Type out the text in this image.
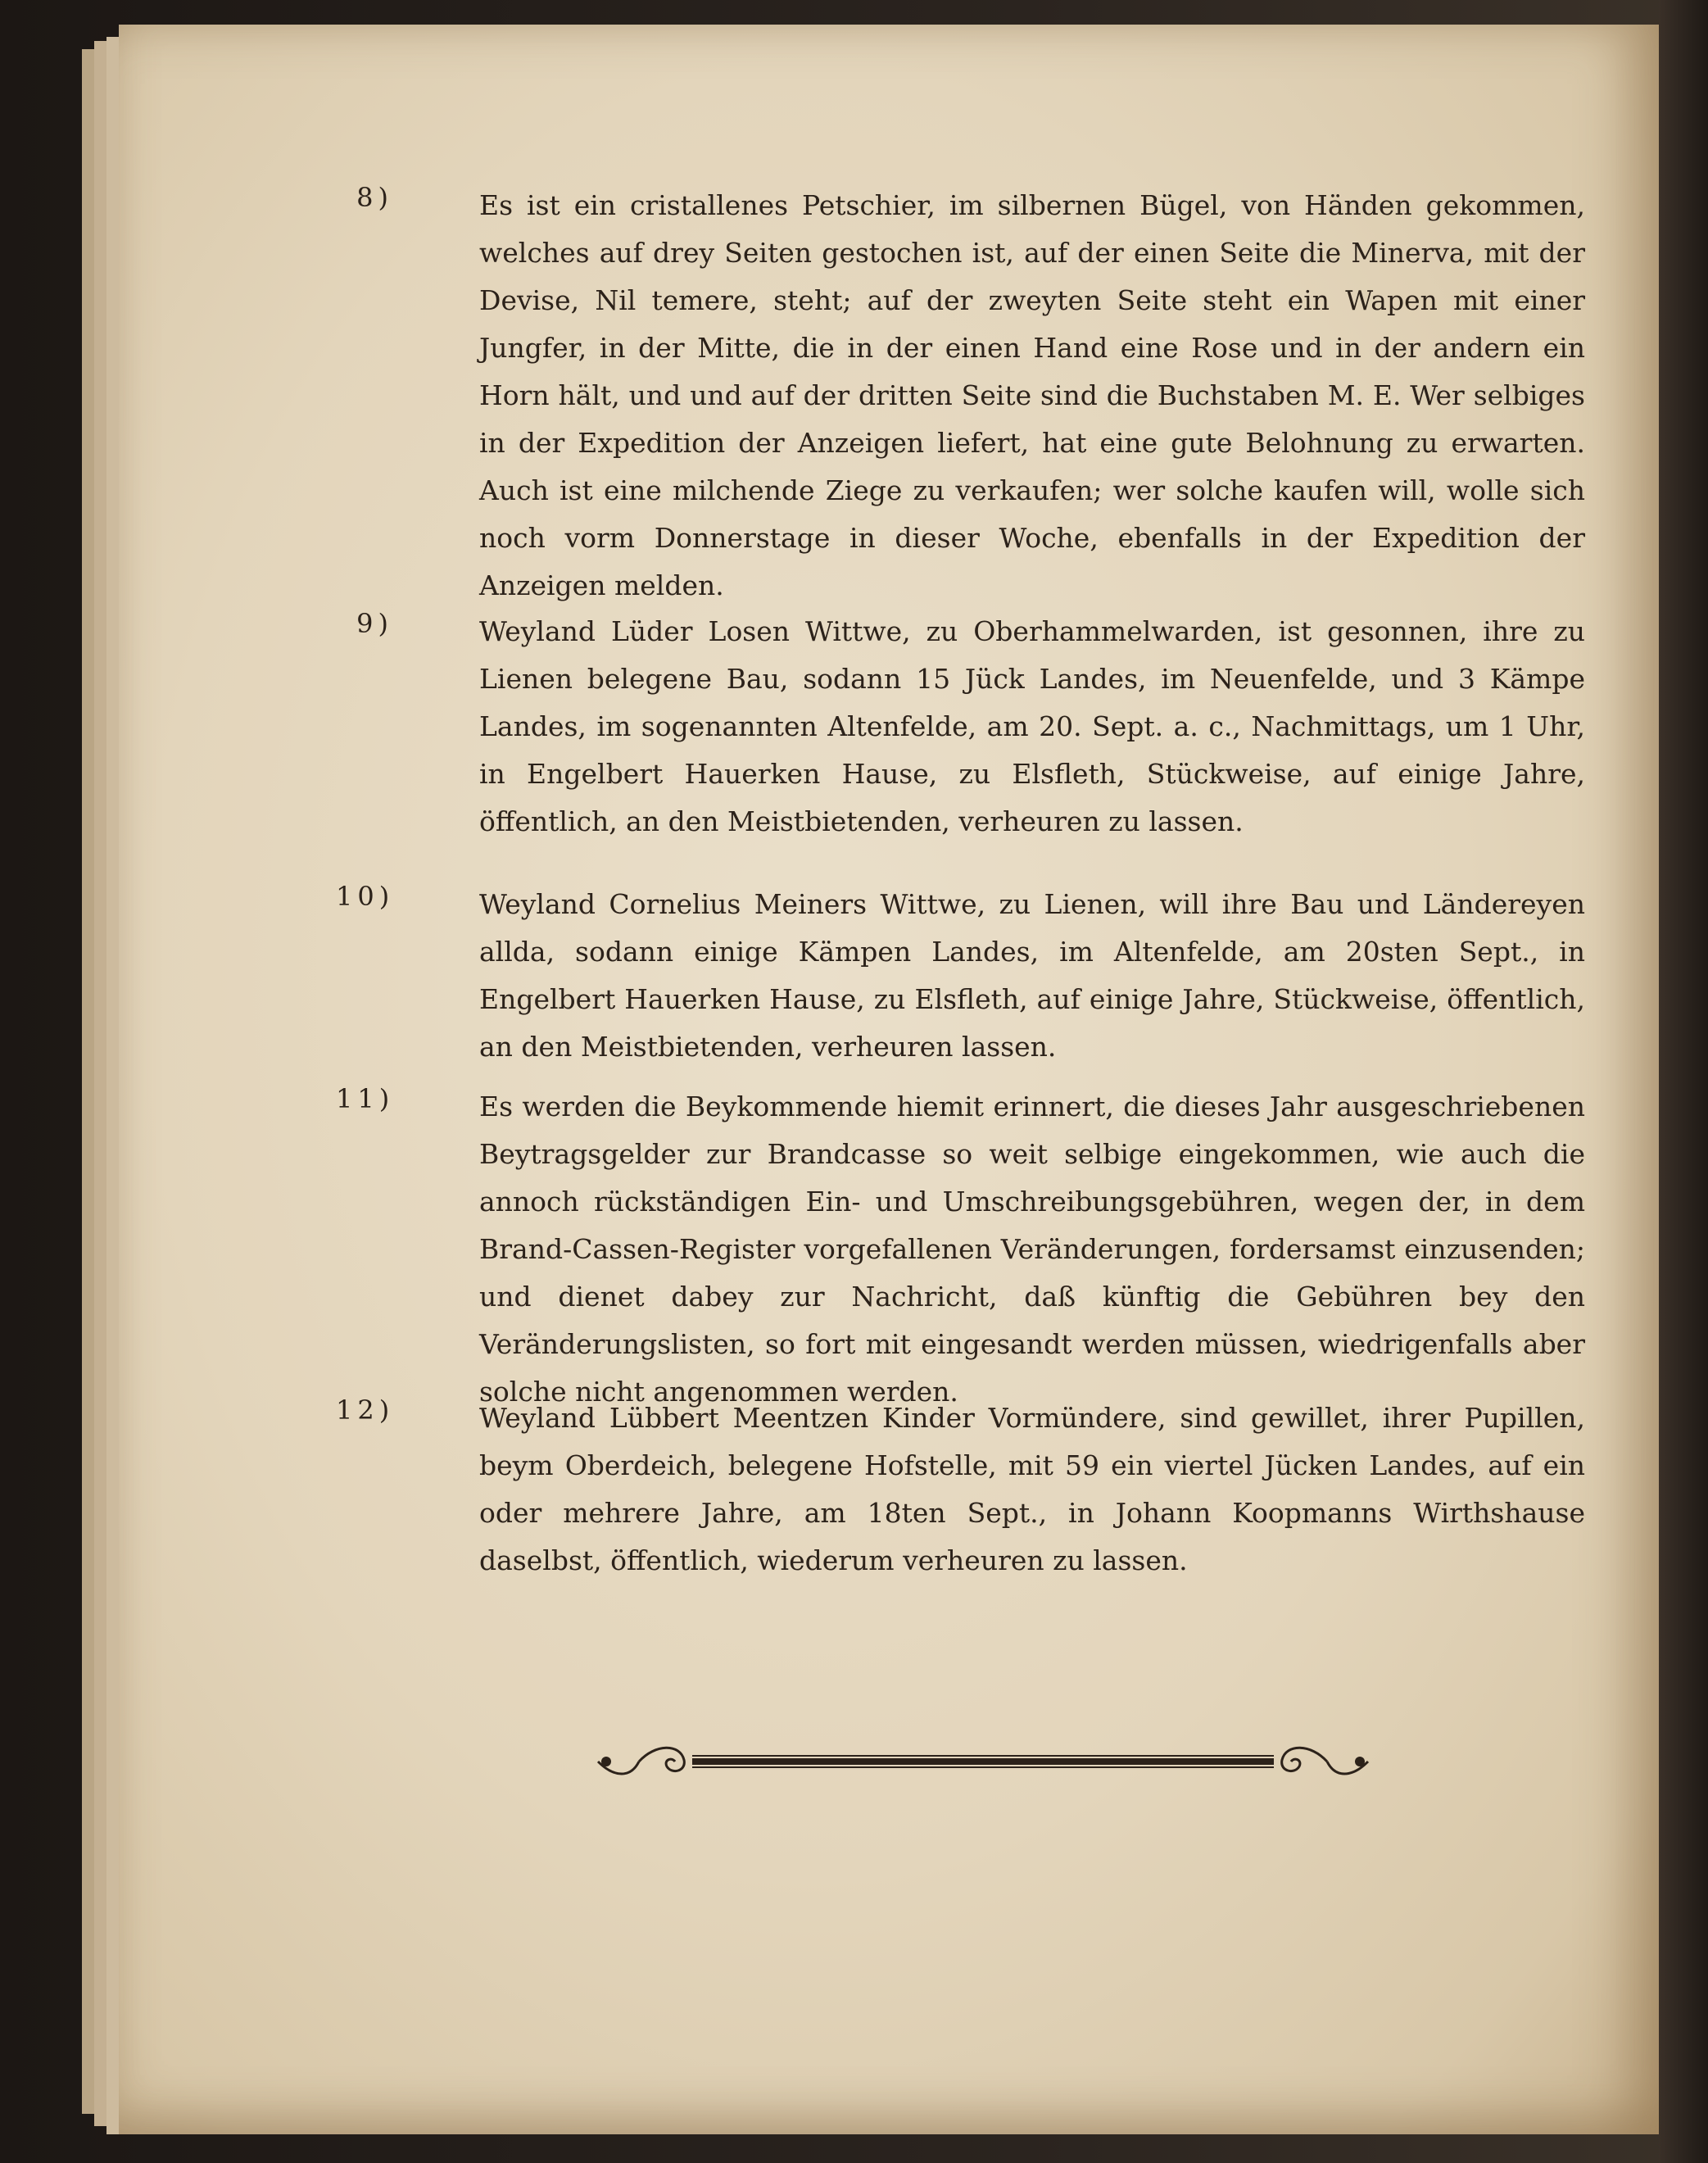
8)	Es ist ein cristallenes Petschier, im silbernen Bügel, von Händen gekommen, welches auf drey Seiten gestochen ist, auf der einen Seite die Minerva, mit der Devise, Nil temere, steht; auf der zweyten Seite steht ein Wapen mit einer Jungfer, in der Mitte, die in der einen Hand eine Rose und in der andern ein Horn hält, und und auf der dritten Seite sind die Buchstaben M. E. Wer selbiges in der Expedition der Anzeigen liefert, hat eine gute Belohnung zu erwarten. Auch ist eine milchende Ziege zu verkaufen; wer solche kaufen will, wolle sich noch vorm Donnerstage in dieser Woche, ebenfalls in der Expedition der Anzeigen melden.

9)	Weyland Lüder Losen Wittwe, zu Oberhammelwarden, ist gesonnen, ihre zu Lienen belegene Bau, sodann 15 Jück Landes, im Neuenfelde, und 3 Kämpe Landes, im sogenannten Altenfelde, am 20. Sept. a. c., Nachmittags, um 1 Uhr, in Engelbert Hauerken Hause, zu Elsfleth, Stückweise, auf einige Jahre, öffentlich, an den Meistbietenden, verheuren zu lassen.

10)	Weyland Cornelius Meiners Wittwe, zu Lienen, will ihre Bau und Ländereyen allda, sodann einige Kämpen Landes, im Altenfelde, am 20sten Sept., in Engelbert Hauerken Hause, zu Elsfleth, auf einige Jahre, Stückweise, öffentlich, an den Meistbietenden, verheuren lassen.

11)	Es werden die Beykommende hiemit erinnert, die dieses Jahr ausgeschriebenen Beytragsgelder zur Brandcasse so weit selbige eingekommen, wie auch die annoch rückständigen Ein- und Umschreibungsgebühren, wegen der, in dem Brand-Cassen-Register vorgefallenen Veränderungen, fordersamst einzusenden; und dienet dabey zur Nachricht, daß künftig die Gebühren bey den Veränderungslisten, so fort mit eingesandt werden müssen, wiedrigenfalls aber solche nicht angenommen werden.

12)	Weyland Lübbert Meentzen Kinder Vormündere, sind gewillet, ihrer Pupillen, beym Oberdeich, belegene Hofstelle, mit 59 ein viertel Jücken Landes, auf ein oder mehrere Jahre, am 18ten Sept., in Johann Koopmanns Wirthshause daselbst, öffentlich, wiederum verheuren zu lassen.
